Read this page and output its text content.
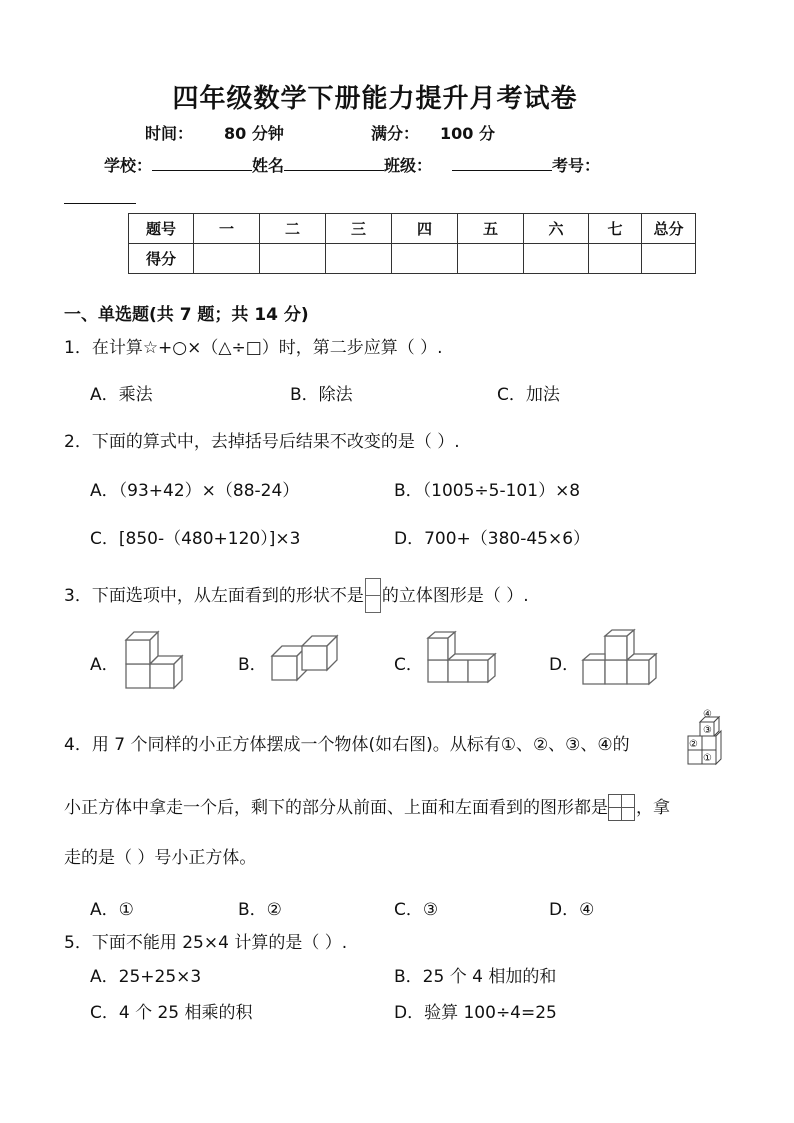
四年级数学下册能力提升月考试卷
时间： 80 分钟	满分： 100 分
学校：	姓名	班级：	考号：
题号	一	二	三	四	五	六	七	总分
得分								
一、单选题(共 7 题；共 14 分)
1．在计算☆+○×（△÷□）时，第二步应算（ ）.
A．乘法	B．除法	C．加法
2．下面的算式中，去掉括号后结果不改变的是（ ）.
A．（93+42）×（88-24）	B．（1005÷5-101）×8
C．[850-（480+120）]×3	D．700+（380-45×6）
3．下面选项中，从左面看到的形状不是 的立体图形是（ ）.
A．	B．	C．	D．
4．用 7 个同样的小正方体摆成一个物体(如右图)。从标有①、②、③、④的
④
②
③
①
小正方体中拿走一个后，剩下的部分从前面、上面和左面看到的图形都是 ，拿
走的是（ ）号小正方体。
A．①	B．②	C．③	D．④
5．下面不能用 25×4 计算的是（ ）.
A．25+25×3	B．25 个 4 相加的和
C．4 个 25 相乘的积	D．验算 100÷4=25
